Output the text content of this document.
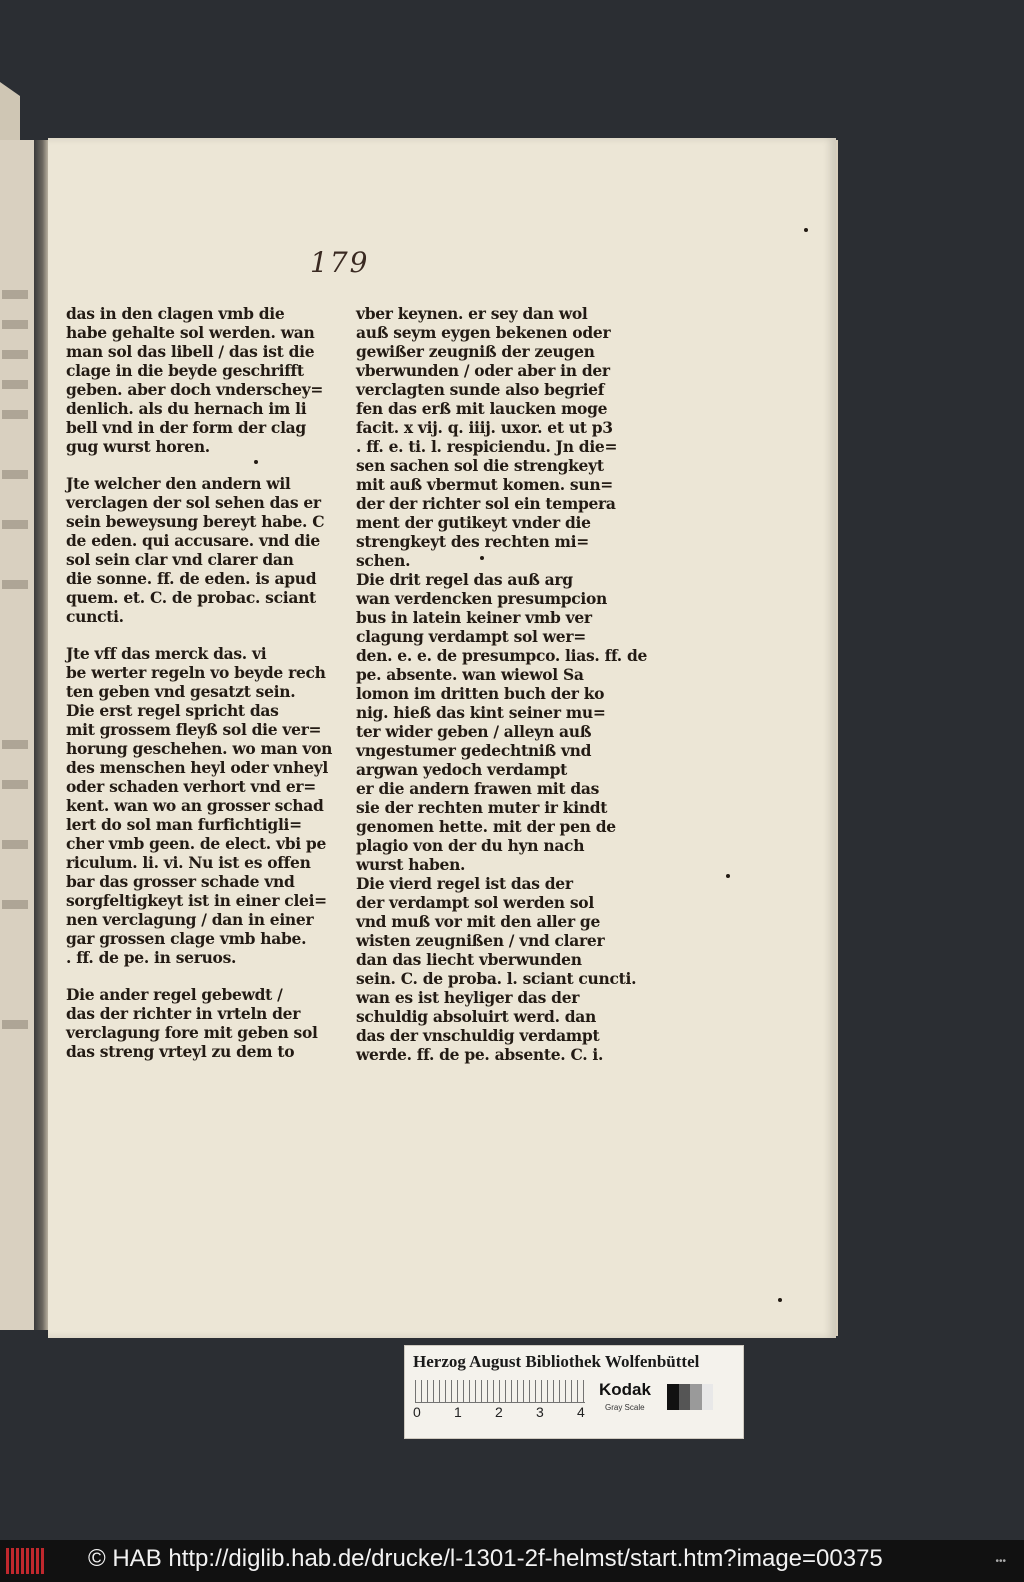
179
das in den clagen vmb die
habe gehalte sol werden. wan
man sol das libell / das ist die
clage in die beyde geschrifft
geben. aber doch vnderschey=
denlich. als du hernach im li
bell vnd in der form der clag
gug wurst horen.
Jte welcher den andern wil
verclagen der sol sehen das er
sein beweysung bereyt habe. C
de eden. qui accusare. vnd die
sol sein clar vnd clarer dan
die sonne. ff. de eden. is apud
quem. et. C. de probac. sciant
cuncti.
Jte vff das merck das. vi
be werter regeln vo beyde rech
ten geben vnd gesatzt sein.
Die erst regel spricht das
mit grossem fleyß sol die ver=
horung geschehen. wo man von
des menschen heyl oder vnheyl
oder schaden verhort vnd er=
kent. wan wo an grosser schad
lert do sol man furfichtigli=
cher vmb geen. de elect. vbi pe
riculum. li. vi. Nu ist es offen
bar das grosser schade vnd
sorgfeltigkeyt ist in einer clei=
nen verclagung / dan in einer
gar grossen clage vmb habe.
. ff. de pe. in seruos.
Die ander regel gebewdt /
das der richter in vrteln der
verclagung fore mit geben sol
das streng vrteyl zu dem to
vber keynen. er sey dan wol
auß seym eygen bekenen oder
gewißer zeugniß der zeugen
vberwunden / oder aber in der
verclagten sunde also begrief
fen das erß mit laucken moge
facit. x vij. q. iiij. uxor. et ut p3
. ff. e. ti. l. respiciendu. Jn die=
sen sachen sol die strengkeyt
mit auß vbermut komen. sun=
der der richter sol ein tempera
ment der gutikeyt vnder die
strengkeyt des rechten mi=
schen.
Die drit regel das auß arg
wan verdencken presumpcion
bus in latein keiner vmb ver
clagung verdampt sol wer=
den. e. e. de presumpco. lias. ff. de
pe. absente. wan wiewol Sa
lomon im dritten buch der ko
nig. hieß das kint seiner mu=
ter wider geben / alleyn auß
vngestumer gedechtniß vnd
argwan yedoch verdampt
er die andern frawen mit das
sie der rechten muter ir kindt
genomen hette. mit der pen de
plagio von der du hyn nach
wurst haben.
Die vierd regel ist das der
der verdampt sol werden sol
vnd muß vor mit den aller ge
wisten zeugnißen / vnd clarer
dan das liecht vberwunden
sein. C. de proba. l. sciant cuncti.
wan es ist heyliger das der
schuldig absoluirt werd. dan
das der vnschuldig verdampt
werde. ff. de pe. absente. C. i.
Herzog August Bibliothek Wolfenbüttel
0 1 2 3 4
Kodak
Gray Scale
© HAB http://diglib.hab.de/drucke/l-1301-2f-helmst/start.htm?image=00375	•••
